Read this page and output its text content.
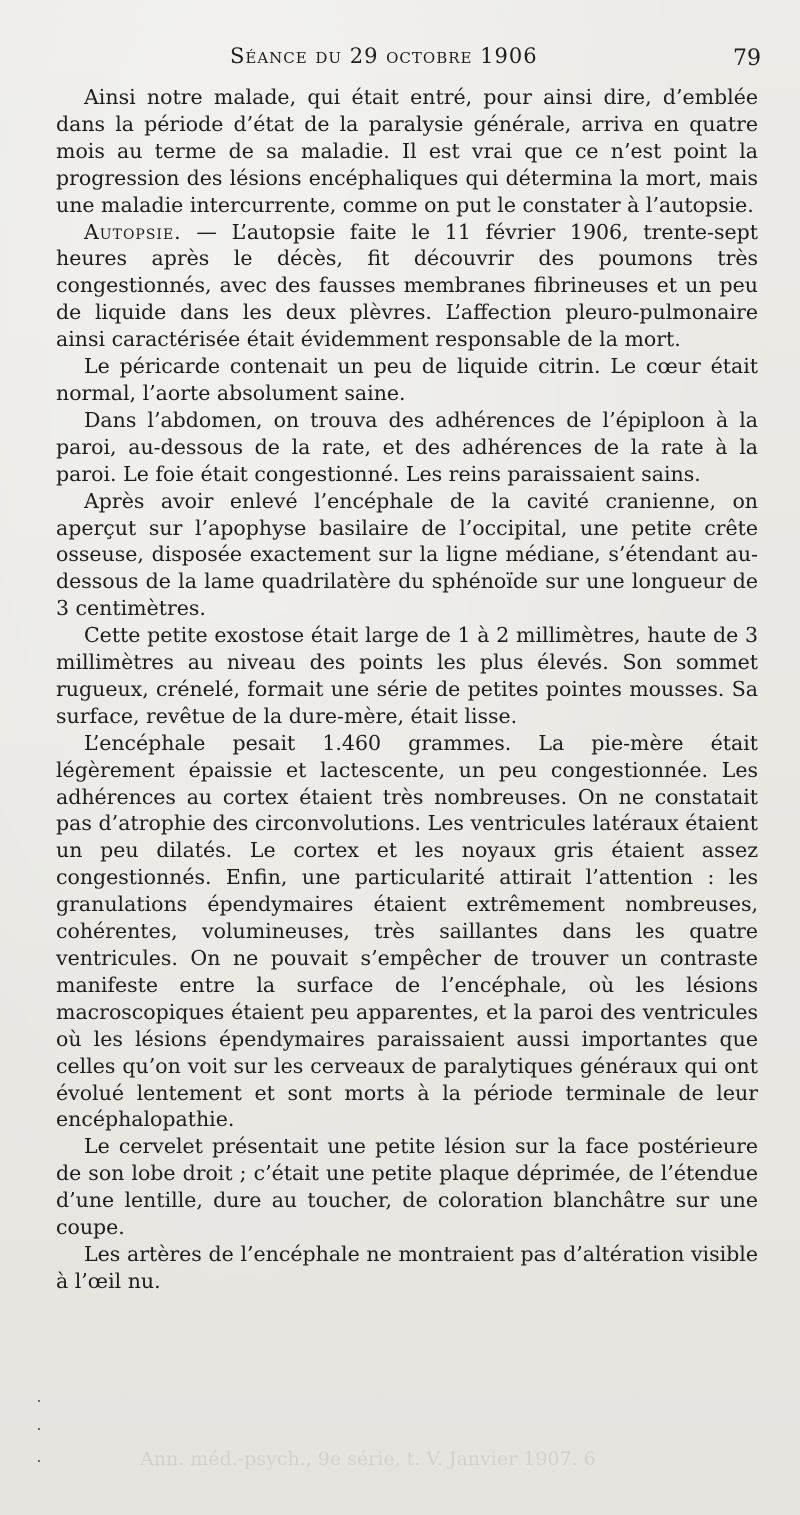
Séance du 29 octobre 1906	79

Ainsi notre malade, qui était entré, pour ainsi dire, d’emblée dans la période d’état de la paralysie générale, arriva en quatre mois au terme de sa maladie. Il est vrai que ce n’est point la progression des lésions encéphaliques qui détermina la mort, mais une maladie intercurrente, comme on put le constater à l’autopsie.

Autopsie. — L’autopsie faite le 11 février 1906, trente-sept heures après le décès, fit découvrir des poumons très congestionnés, avec des fausses membranes fibrineuses et un peu de liquide dans les deux plèvres. L’affection pleuro-pulmonaire ainsi caractérisée était évidemment responsable de la mort.

Le péricarde contenait un peu de liquide citrin. Le cœur était normal, l’aorte absolument saine.

Dans l’abdomen, on trouva des adhérences de l’épiploon à la paroi, au-dessous de la rate, et des adhérences de la rate à la paroi. Le foie était congestionné. Les reins paraissaient sains.

Après avoir enlevé l’encéphale de la cavité cranienne, on aperçut sur l’apophyse basilaire de l’occipital, une petite crête osseuse, disposée exactement sur la ligne médiane, s’étendant au-dessous de la lame quadrilatère du sphénoïde sur une longueur de 3 centimètres.

Cette petite exostose était large de 1 à 2 millimètres, haute de 3 millimètres au niveau des points les plus élevés. Son sommet rugueux, crénelé, formait une série de petites pointes mousses. Sa surface, revêtue de la dure-mère, était lisse.

L’encéphale pesait 1.460 grammes. La pie-mère était légèrement épaissie et lactescente, un peu congestionnée. Les adhérences au cortex étaient très nombreuses. On ne constatait pas d’atrophie des circonvolutions. Les ventricules latéraux étaient un peu dilatés. Le cortex et les noyaux gris étaient assez congestionnés. Enfin, une particularité attirait l’attention : les granulations épendymaires étaient extrêmement nombreuses, cohérentes, volumineuses, très saillantes dans les quatre ventricules. On ne pouvait s’empêcher de trouver un contraste manifeste entre la surface de l’encéphale, où les lésions macroscopiques étaient peu apparentes, et la paroi des ventricules où les lésions épendymaires paraissaient aussi importantes que celles qu’on voit sur les cerveaux de paralytiques généraux qui ont évolué lentement et sont morts à la période terminale de leur encéphalopathie.

Le cervelet présentait une petite lésion sur la face postérieure de son lobe droit ; c’était une petite plaque déprimée, de l’étendue d’une lentille, dure au toucher, de coloration blanchâtre sur une coupe.

Les artères de l’encéphale ne montraient pas d’altération visible à l’œil nu.

Ann. méd.-psych., 9e série, t. V. Janvier 1907. 6
